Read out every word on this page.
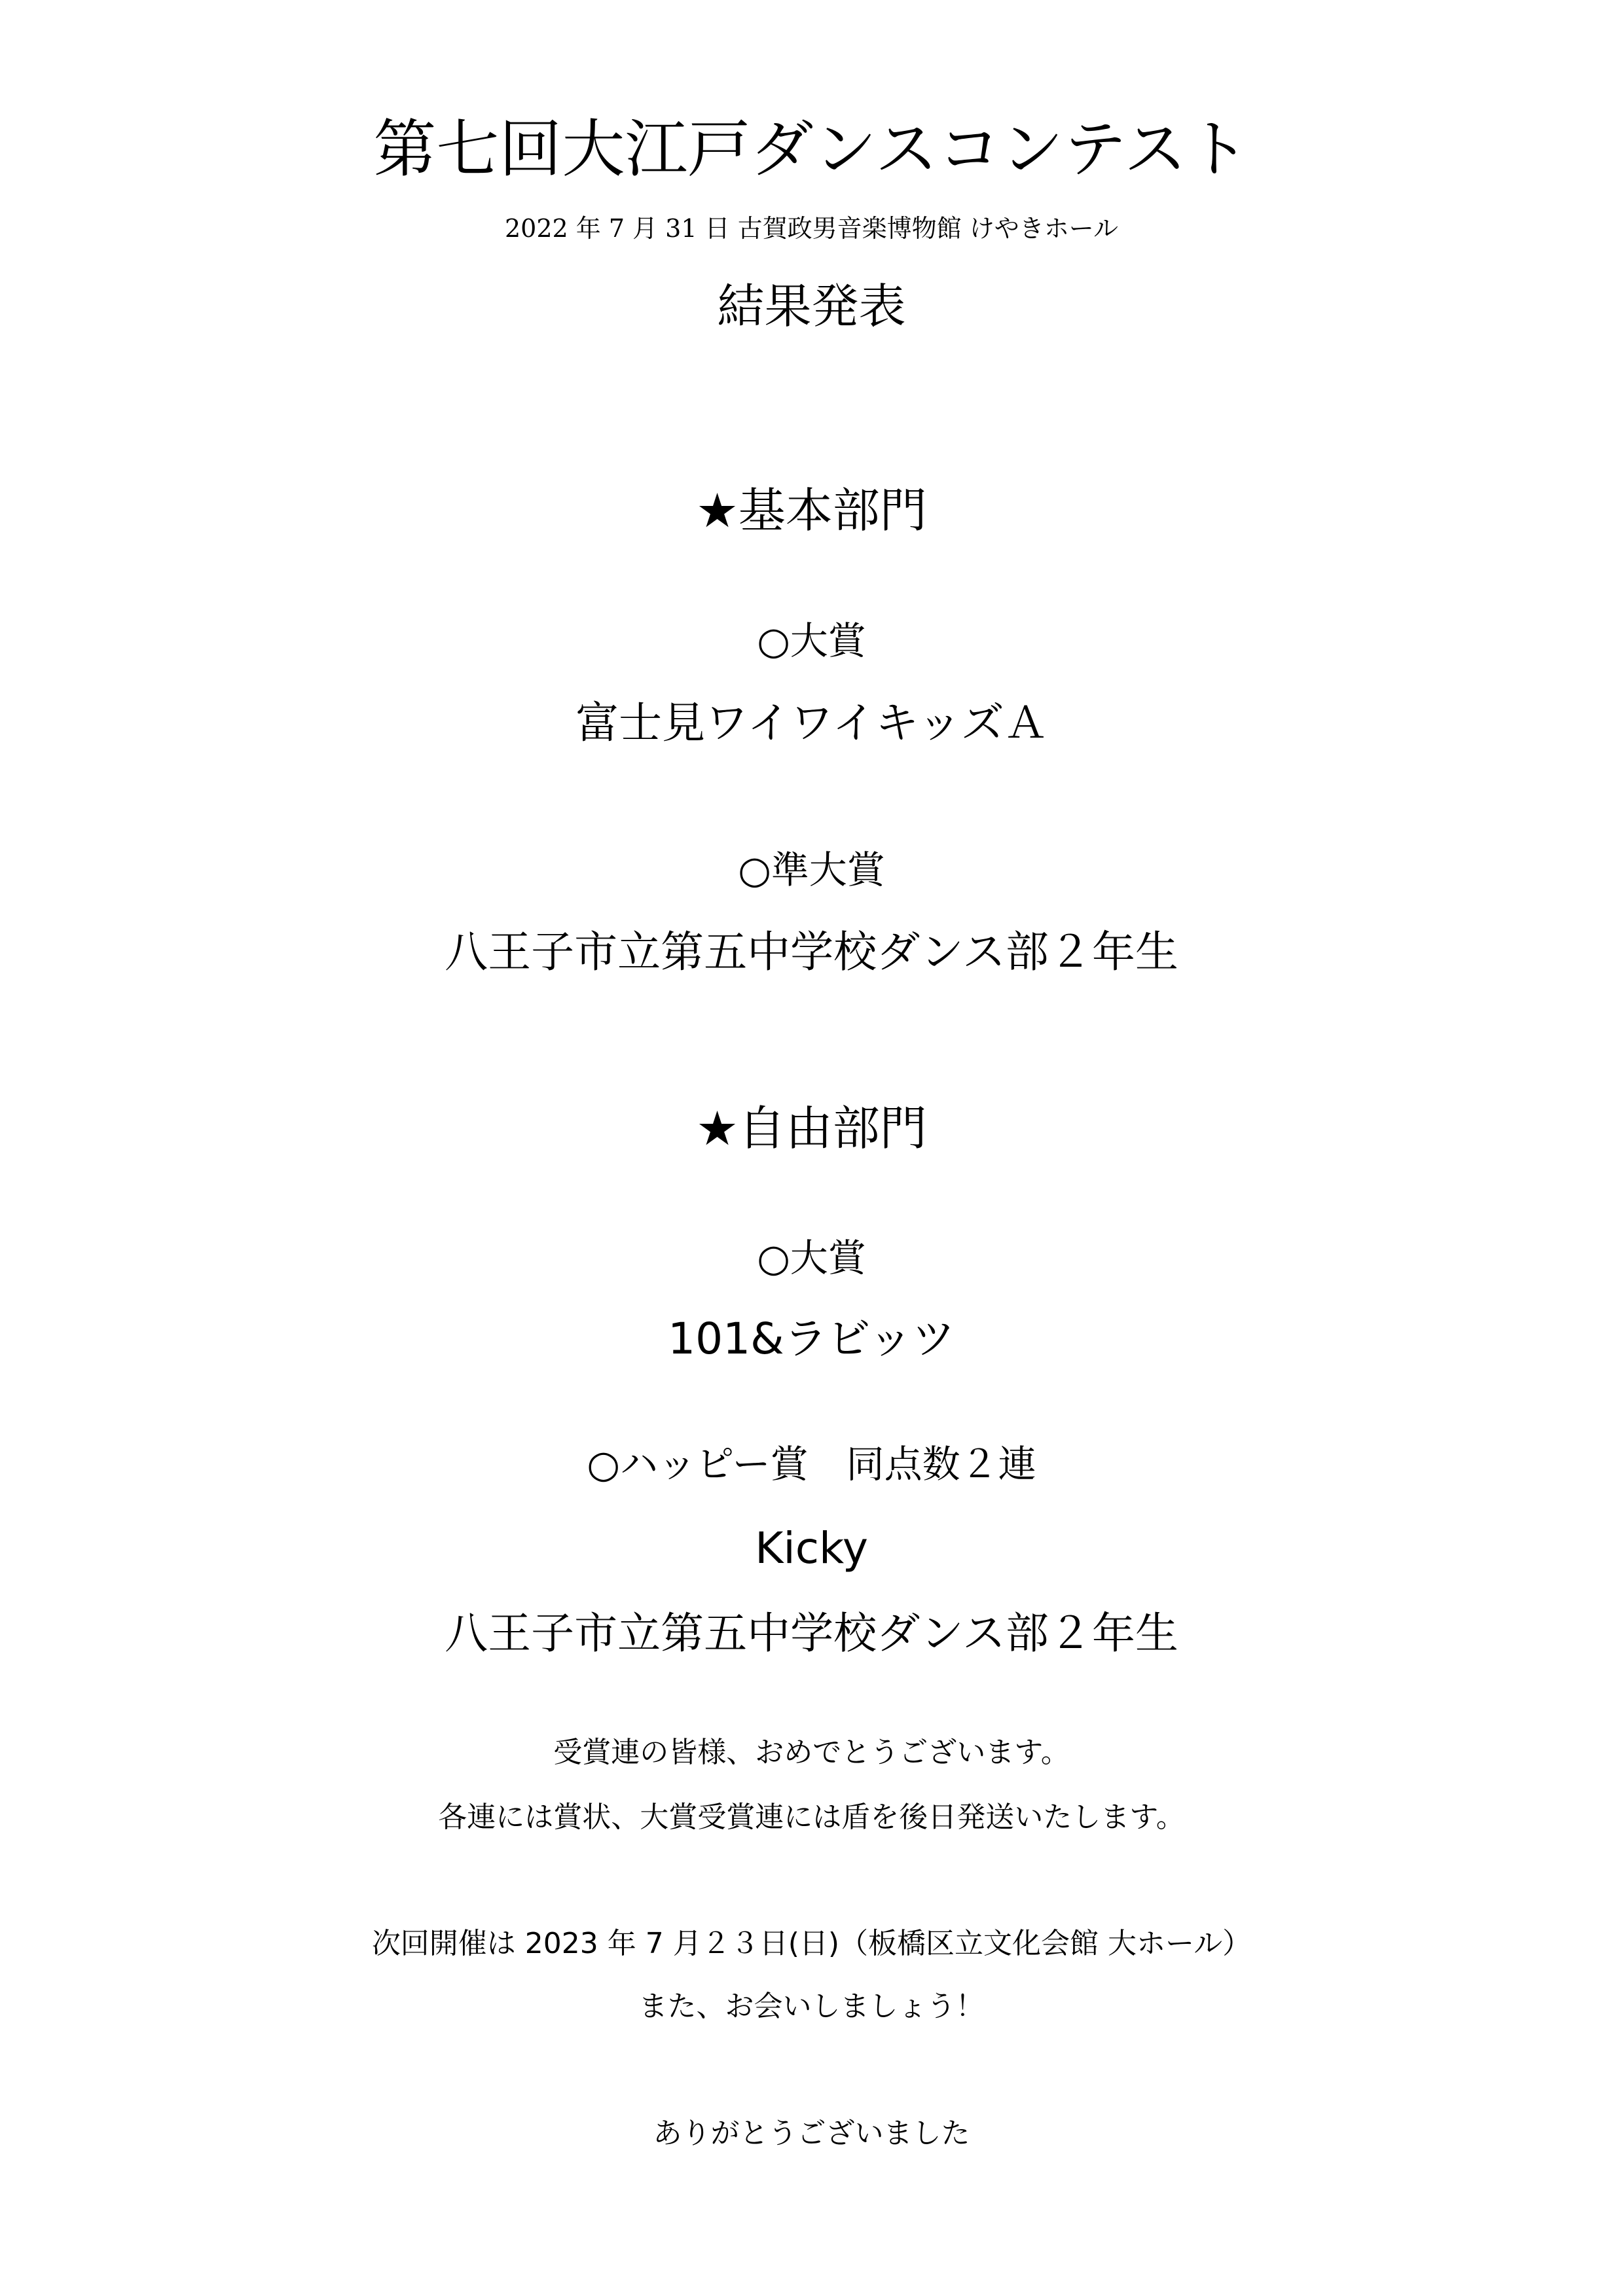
第七回大江戸ダンスコンテスト
2022 年 7 月 31 日 古賀政男音楽博物館 けやきホール
結果発表
★基本部門
○大賞
富士見ワイワイキッズＡ
○準大賞
八王子市立第五中学校ダンス部２年生
★自由部門
○大賞
101&ラビッツ
○ハッピー賞　同点数２連
Kicky
八王子市立第五中学校ダンス部２年生
受賞連の皆様、おめでとうございます。
各連には賞状、大賞受賞連には盾を後日発送いたします。
次回開催は 2023 年 7 月２３日(日)（板橋区立文化会館 大ホール）
また、お会いしましょう！
ありがとうございました
